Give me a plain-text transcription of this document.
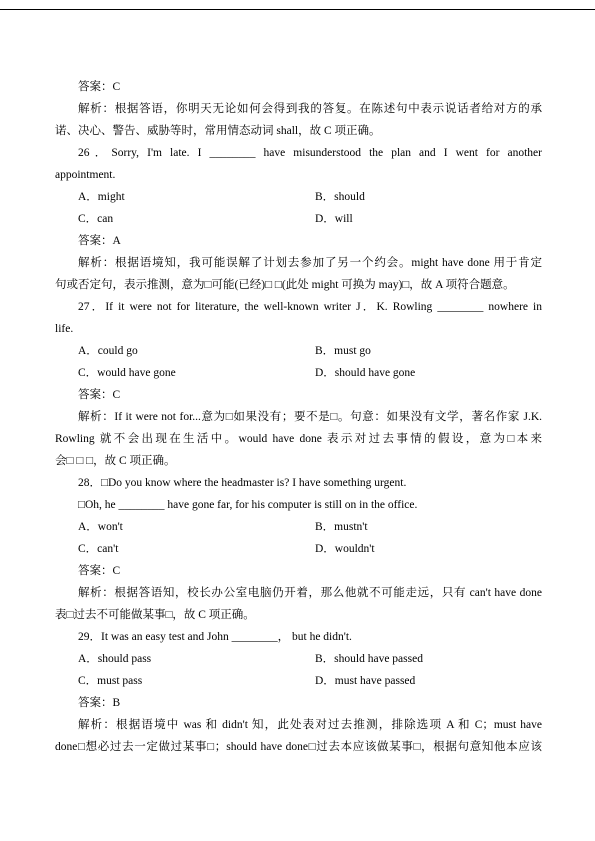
答案：C
解析：根据答语，你明天无论如何会得到我的答复。在陈述句中表示说话者给对方的承
诺、决心、警告、威胁等时，常用情态动词 shall，故 C 项正确。
26．Sorry, I'm late. I ________ have misunderstood the plan and I went for another
appointment.
A．might	B．should
C．can	D．will
答案：A
解析：根据语境知，我可能误解了计划去参加了另一个约会。might have done 用于肯定
句或否定句，表示推测，意为□可能(已经)□ □(此处 might 可换为 may)□，故 A 项符合题意。
27．If it were not for literature, the well-known writer J．K. Rowling ________ nowhere in
life.
A．could go	B．must go
C．would have gone	D．should have gone
答案：C
解析：If it were not for...意为□如果没有；要不是□。句意：如果没有文学，著名作家 J.K.
Rowling 就不会出现在生活中。would have done 表示对过去事情的假设，意为□本来
会□ □ □，故 C 项正确。
28．□Do you know where the headmaster is? I have something urgent.
□Oh, he ________ have gone far, for his computer is still on in the office.
A．won't	B．mustn't
C．can't	D．wouldn't
答案：C
解析：根据答语知，校长办公室电脑仍开着，那么他就不可能走远，只有 can't have done
表□过去不可能做某事□，故 C 项正确。
29．It was an easy test and John ________， but he didn't.
A．should pass	B．should have passed
C．must pass	D．must have passed
答案：B
解析：根据语境中 was 和 didn't 知，此处表对过去推测，排除选项 A 和 C；must have
done□想必过去一定做过某事□；should have done□过去本应该做某事□，根据句意知他本应该
